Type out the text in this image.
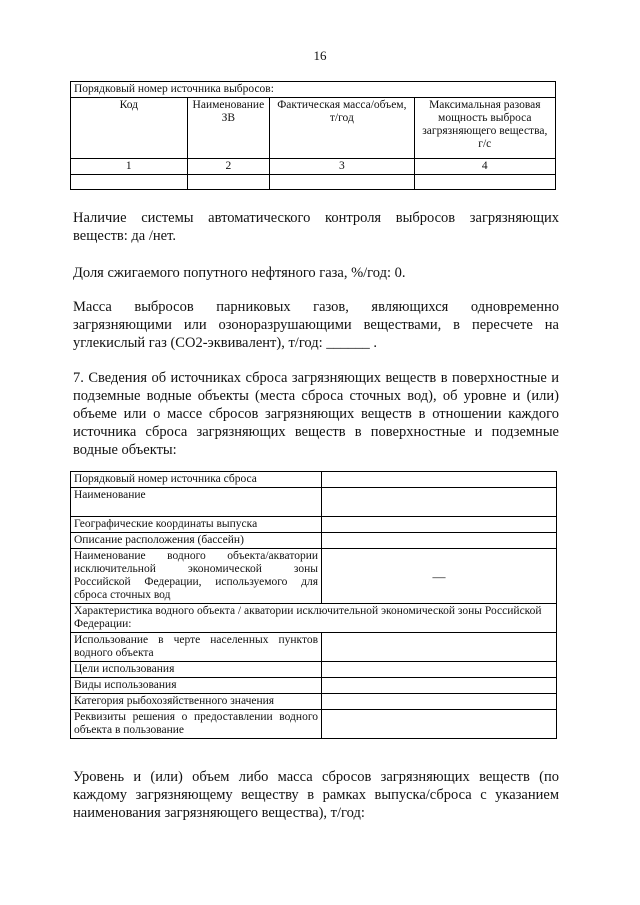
16
Порядковый номер источника выбросов:			
Код	Наименование ЗВ	Фактическая масса/объем, т/год	Максимальная разовая мощность выброса загрязняющего вещества, г/с
1	2	3	4

Наличие системы автоматического контроля выбросов загрязняющих веществ: да /нет.
Доля сжигаемого попутного нефтяного газа, %/год: 0.
Масса выбросов парниковых газов, являющихся одновременно загрязняющими или озоноразрушающими веществами, в пересчете на углекислый газ (СО2-эквивалент), т/год: ______ .
7. Сведения об источниках сброса загрязняющих веществ в поверхностные и подземные водные объекты (места сброса сточных вод), об уровне и (или) объеме или о массе сбросов загрязняющих веществ в отношении каждого источника сброса загрязняющих веществ в поверхностные и подземные водные объекты:
Порядковый номер источника сброса	
Наименование	
Географические координаты выпуска	
Описание расположения (бассейн)	
Наименование водного объекта/акватории исключительной экономической зоны Российской Федерации, используемого для сброса сточных вод	—
Характеристика водного объекта / акватории исключительной экономической зоны Российской Федерации:	
Использование в черте населенных пунктов водного объекта	
Цели использования	
Виды использования	
Категория рыбохозяйственного значения	
Реквизиты решения о предоставлении водного объекта в пользование	
Уровень и (или) объем либо масса сбросов загрязняющих веществ (по каждому загрязняющему веществу в рамках выпуска/сброса с указанием наименования загрязняющего вещества), т/год:
